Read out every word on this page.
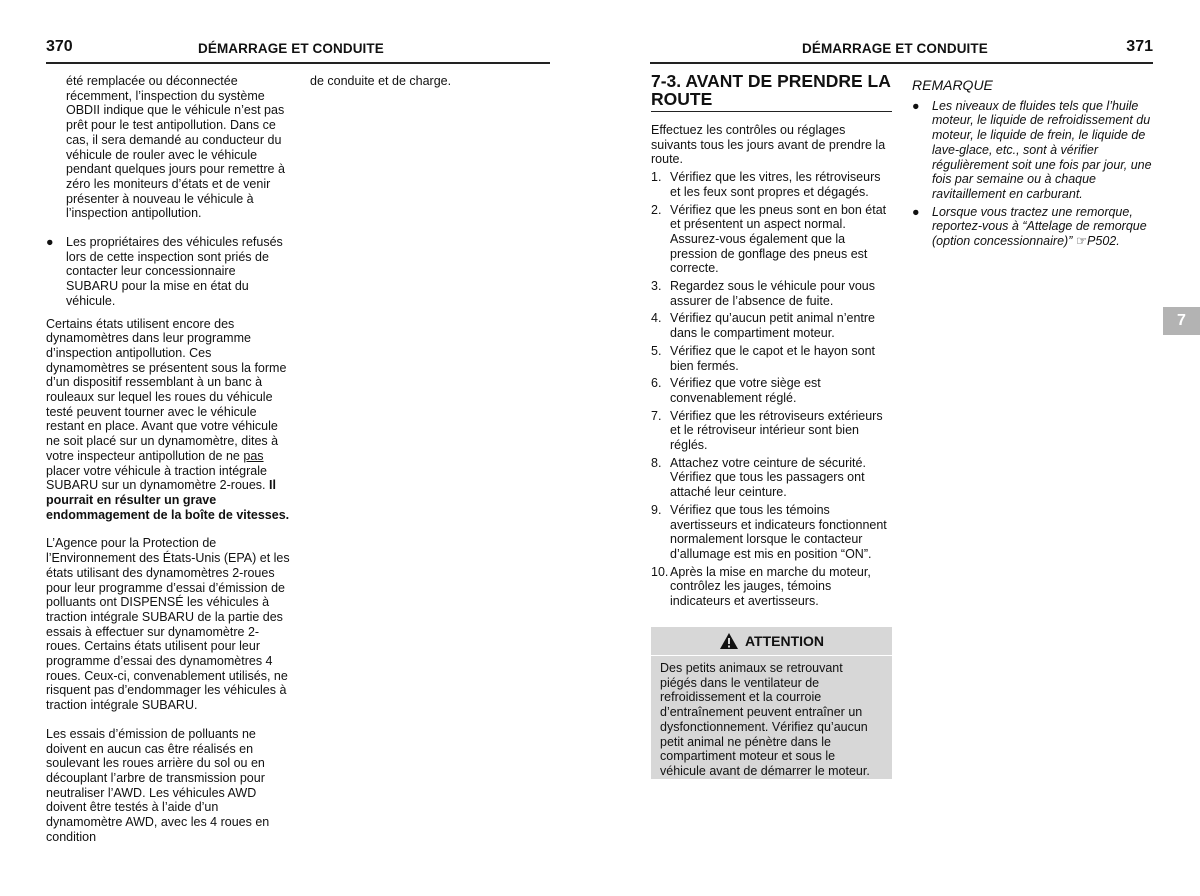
370	DÉMARRAGE ET CONDUITE

été remplacée ou déconnectée récemment, l’inspection du système OBDII indique que le véhicule n’est pas prêt pour le test antipollution. Dans ce cas, il sera demandé au conducteur du véhicule de rouler avec le véhicule pendant quelques jours pour remettre à zéro les moniteurs d’états et de venir présenter à nouveau le véhicule à l’inspection antipollution.

● Les propriétaires des véhicules refusés lors de cette inspection sont priés de contacter leur concessionnaire SUBARU pour la mise en état du véhicule.

Certains états utilisent encore des dynamomètres dans leur programme d’inspection antipollution. Ces dynamomètres se présentent sous la forme d’un dispositif ressemblant à un banc à rouleaux sur lequel les roues du véhicule testé peuvent tourner avec le véhicule restant en place. Avant que votre véhicule ne soit placé sur un dynamomètre, dites à votre inspecteur antipollution de ne pas placer votre véhicule à traction intégrale SUBARU sur un dynamomètre 2-roues. Il pourrait en résulter un grave endommagement de la boîte de vitesses.

L’Agence pour la Protection de l’Environnement des États-Unis (EPA) et les états utilisant des dynamomètres 2-roues pour leur programme d’essai d’émission de polluants ont DISPENSÉ les véhicules à traction intégrale SUBARU de la partie des essais à effectuer sur dynamomètre 2-roues. Certains états utilisent pour leur programme d’essai des dynamomètres 4 roues. Ceux-ci, convenablement utilisés, ne risquent pas d’endommager les véhicules à traction intégrale SUBARU.

Les essais d’émission de polluants ne doivent en aucun cas être réalisés en soulevant les roues arrière du sol ou en découplant l’arbre de transmission pour neutraliser l’AWD. Les véhicules AWD doivent être testés à l’aide d’un dynamomètre AWD, avec les 4 roues en condition

de conduite et de charge.

DÉMARRAGE ET CONDUITE	371
7-3. AVANT DE PRENDRE LA ROUTE

Effectuez les contrôles ou réglages suivants tous les jours avant de prendre la route.

1. Vérifiez que les vitres, les rétroviseurs et les feux sont propres et dégagés.
2. Vérifiez que les pneus sont en bon état et présentent un aspect normal. Assurez-vous également que la pression de gonflage des pneus est correcte.
3. Regardez sous le véhicule pour vous assurer de l’absence de fuite.
4. Vérifiez qu’aucun petit animal n’entre dans le compartiment moteur.
5. Vérifiez que le capot et le hayon sont bien fermés.
6. Vérifiez que votre siège est convenablement réglé.
7. Vérifiez que les rétroviseurs extérieurs et le rétroviseur intérieur sont bien réglés.
8. Attachez votre ceinture de sécurité. Vérifiez que tous les passagers ont attaché leur ceinture.
9. Vérifiez que tous les témoins avertisseurs et indicateurs fonctionnent normalement lorsque le contacteur d’allumage est mis en position “ON”.
10. Après la mise en marche du moteur, contrôlez les jauges, témoins indicateurs et avertisseurs.
ATTENTION
Des petits animaux se retrouvant piégés dans le ventilateur de refroidissement et la courroie d’entraînement peuvent entraîner un dysfonctionnement. Vérifiez qu’aucun petit animal ne pénètre dans le compartiment moteur et sous le véhicule avant de démarrer le moteur.
REMARQUE
● Les niveaux de fluides tels que l’huile moteur, le liquide de refroidissement du moteur, le liquide de frein, le liquide de lave-glace, etc., sont à vérifier régulièrement soit une fois par jour, une fois par semaine ou à chaque ravitaillement en carburant.
● Lorsque vous tractez une remorque, reportez-vous à “Attelage de remorque (option concessionnaire)” ☞P502.
7
